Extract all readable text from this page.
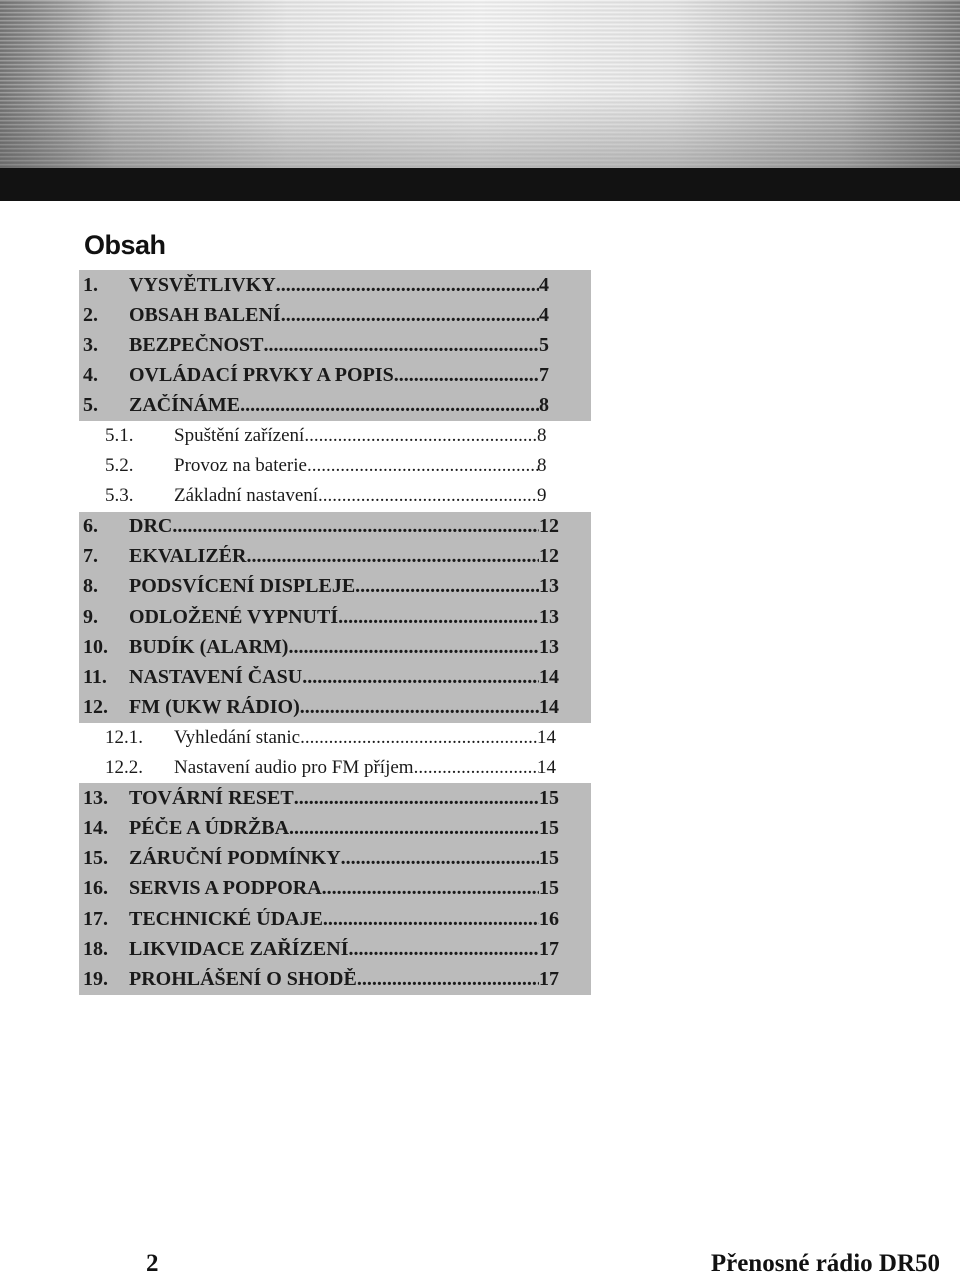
Obsah
1. VYSVĚTLIVKY .....	4
2. OBSAH BALENÍ .....	4
3. BEZPEČNOST .....	5
4. OVLÁDACÍ PRVKY A POPIS .....	7
5. ZAČÍNÁME .....	8
5.1. Spuštění zařízení .....	8
5.2. Provoz na baterie .....	8
5.3. Základní nastavení .....	9
6. DRC .....	12
7. EKVALIZÉR .....	12
8. PODSVÍCENÍ DISPLEJE .....	13
9. ODLOŽENÉ VYPNUTÍ .....	13
10. BUDÍK (ALARM) .....	13
11. NASTAVENÍ ČASU .....	14
12. FM (UKW RÁDIO) .....	14
12.1. Vyhledání stanic .....	14
12.2. Nastavení audio pro FM příjem .....	14
13. TOVÁRNÍ RESET .....	15
14. PÉČE A ÚDRŽBA .....	15
15. ZÁRUČNÍ PODMÍNKY .....	15
16. SERVIS A PODPORA .....	15
17. TECHNICKÉ ÚDAJE .....	16
18. LIKVIDACE ZAŘÍZENÍ .....	17
19. PROHLÁŠENÍ O SHODĚ .....	17
2	Přenosné rádio DR50
